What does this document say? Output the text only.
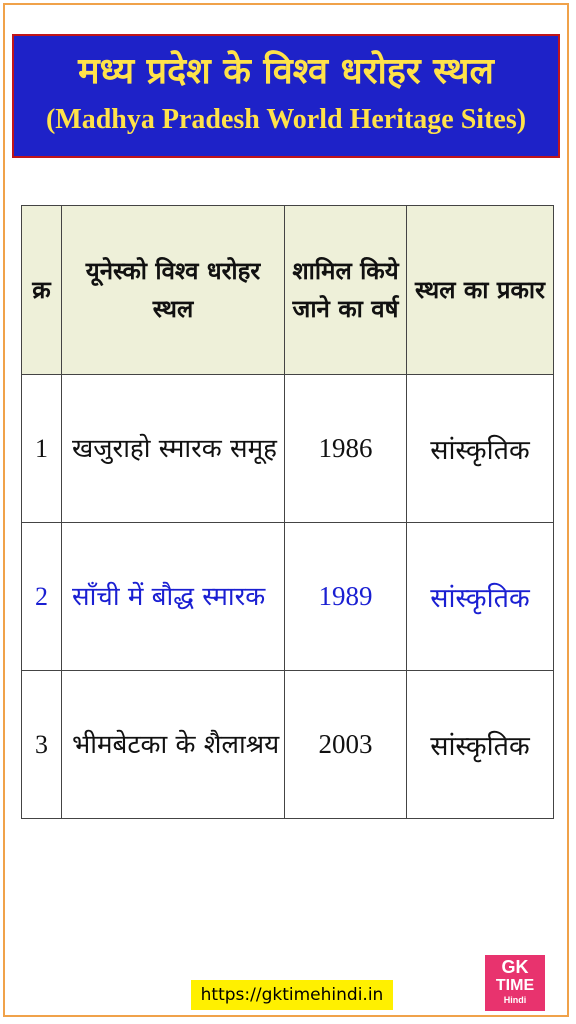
मध्य प्रदेश के विश्व धरोहर स्थल
(Madhya Pradesh World Heritage Sites)
क्र	यूनेस्को विश्व धरोहर स्थल	शामिल किये जाने का वर्ष	स्थल का प्रकार
1	खजुराहो स्मारक समूह	1986	सांस्कृतिक
2	साँची में बौद्ध स्मारक	1989	सांस्कृतिक
3	भीमबेटका के शैलाश्रय	2003	सांस्कृतिक
https://gktimehindi.in
GK
TIME
Hindi
